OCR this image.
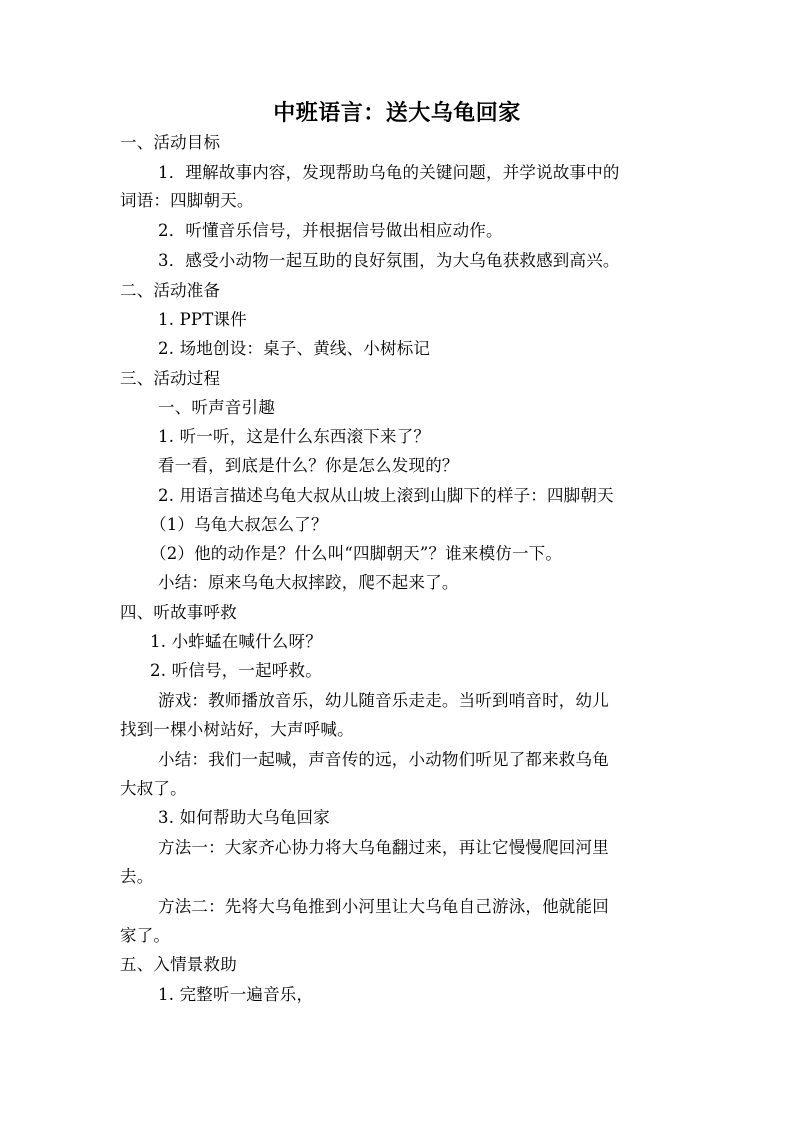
中班语言：送大乌龟回家
一、活动目标
1．理解故事内容，发现帮助乌龟的关键问题，并学说故事中的
词语：四脚朝天。
2．听懂音乐信号，并根据信号做出相应动作。
3．感受小动物一起互助的良好氛围，为大乌龟获救感到高兴。
二、活动准备
1. PPT课件
2. 场地创设：桌子、黄线、小树标记
三、活动过程
一、听声音引趣
1. 听一听，这是什么东西滚下来了？
看一看，到底是什么？你是怎么发现的？
2. 用语言描述乌龟大叔从山坡上滚到山脚下的样子：四脚朝天
（1）乌龟大叔怎么了？
（2）他的动作是？什么叫“四脚朝天”？谁来模仿一下。
小结：原来乌龟大叔摔跤，爬不起来了。
四、听故事呼救
1. 小蚱蜢在喊什么呀？
2. 听信号，一起呼救。
游戏：教师播放音乐，幼儿随音乐走走。当听到哨音时，幼儿
找到一棵小树站好，大声呼喊。
小结：我们一起喊，声音传的远，小动物们听见了都来救乌龟
大叔了。
3. 如何帮助大乌龟回家
方法一：大家齐心协力将大乌龟翻过来，再让它慢慢爬回河里
去。
方法二：先将大乌龟推到小河里让大乌龟自己游泳，他就能回
家了。
五、入情景救助
1. 完整听一遍音乐，
